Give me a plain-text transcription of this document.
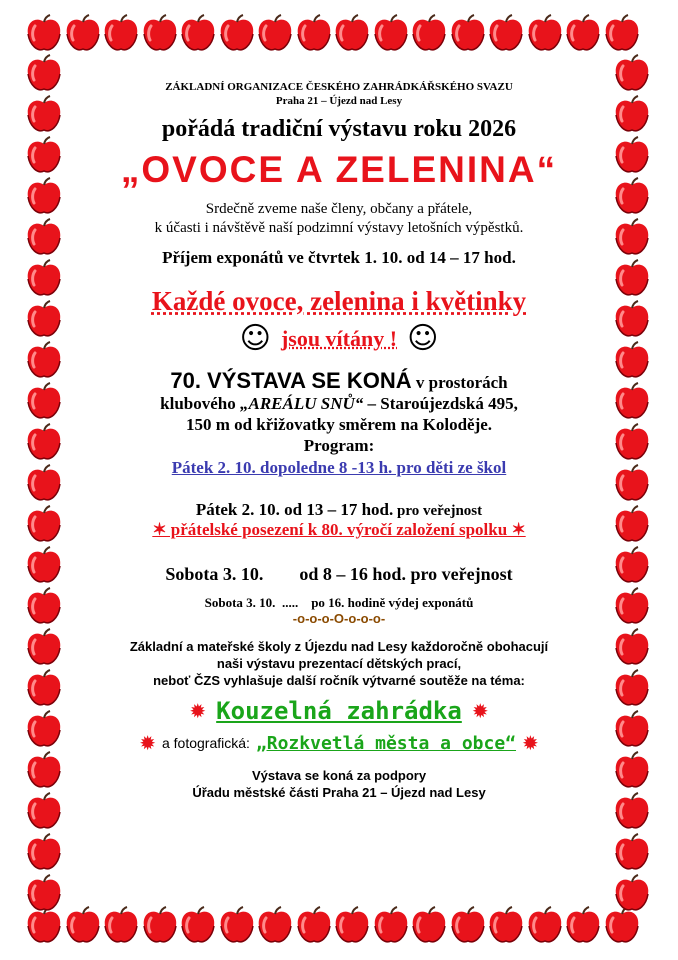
ZÁKLADNÍ ORGANIZACE ČESKÉHO ZAHRÁDKÁŘSKÉHO SVAZU

Praha 21 – Újezd nad Lesy

pořádá tradiční výstavu roku 2026

„OVOCE A ZELENINA“

Srdečně zveme naše členy, občany a přátele,

k účasti i návštěvě naší podzimní výstavy letošních výpěstků.

Příjem exponátů ve čtvrtek 1. 10. od 14 – 17 hod.

Každé ovoce, zelenina i květinky

☺ jsou vítány ! ☺
70. VÝSTAVA SE KONÁ v prostorách
klubového „AREÁLU SNŮ“ – Staroújezdská 495,
150 m od křižovatky směrem na Koloděje.
Program:

Pátek 2. 10. dopoledne 8 -13 h. pro děti ze škol

Pátek 2. 10. od 13 – 17 hod. pro veřejnost

✶ přátelské posezení k 80. výročí založení spolku ✶

Sobota 3. 10. od 8 – 16 hod. pro veřejnost

Sobota 3. 10. ..... po 16. hodině výdej exponátů

-o-o-o-O-o-o-o-

Základní a mateřské školy z Újezdu nad Lesy každoročně obohacují

naši výstavu prezentací dětských prací,

neboť ČZS vyhlašuje další ročník výtvarné soutěže na téma:

✹ Kouzelná zahrádka ✹
✹ a fotografická: „Rozkvetlá města a obce“ ✹

Výstava se koná za podpory

Úřadu městské části Praha 21 – Újezd nad Lesy
